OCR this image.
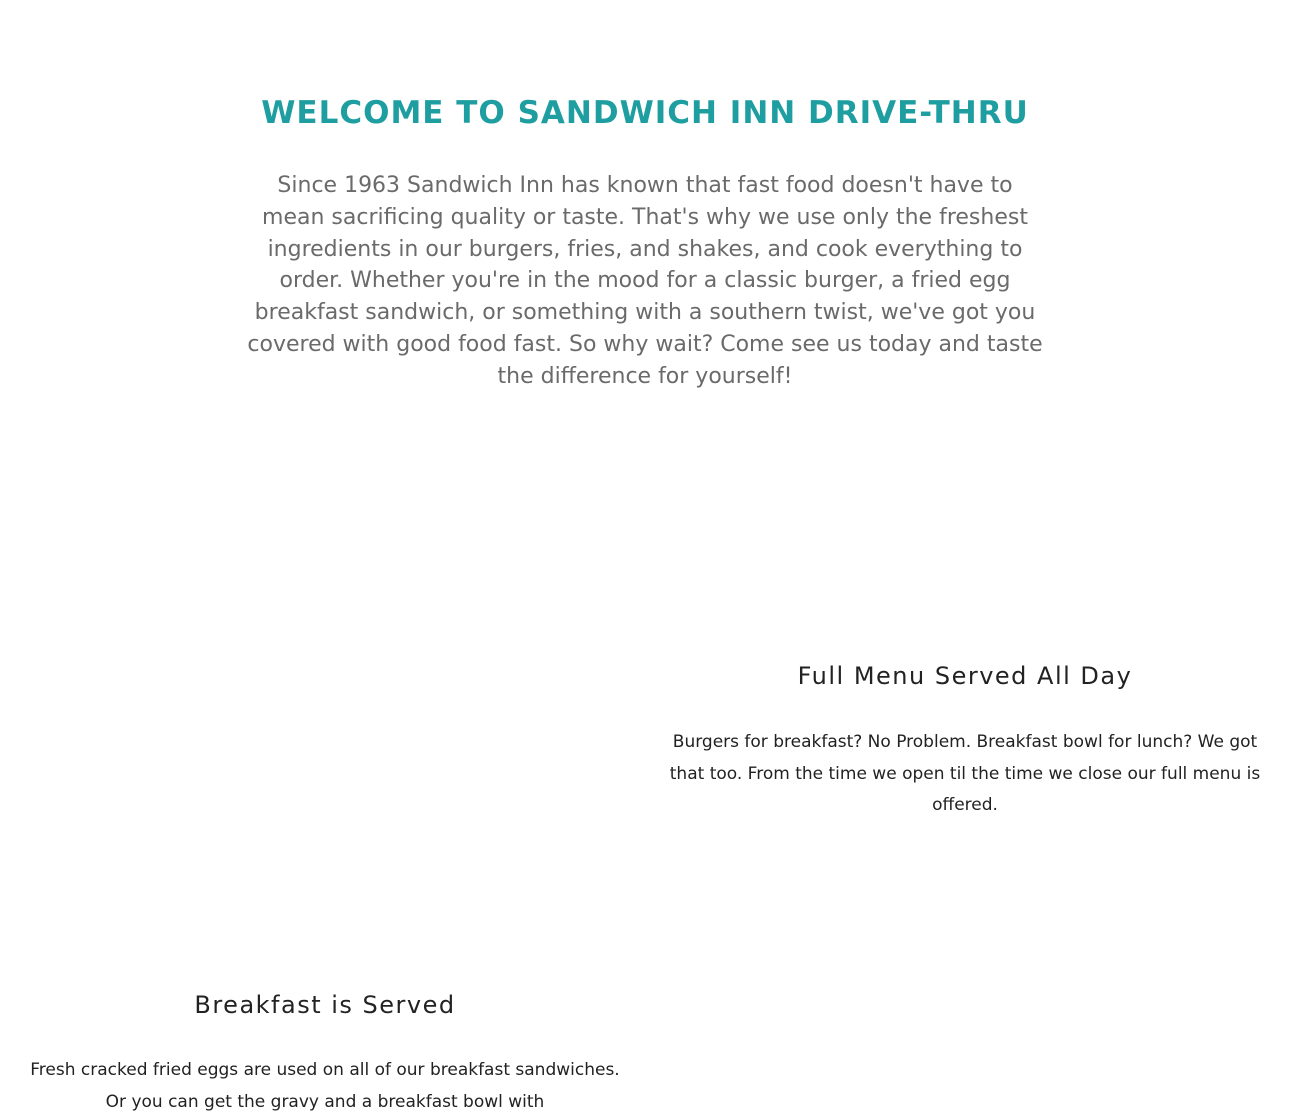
WELCOME TO SANDWICH INN DRIVE-THRU

Since 1963 Sandwich Inn has known that fast food doesn't have to mean sacrificing quality or taste. That's why we use only the freshest ingredients in our burgers, fries, and shakes, and cook everything to order. Whether you're in the mood for a classic burger, a fried egg breakfast sandwich, or something with a southern twist, we've got you covered with good food fast. So why wait? Come see us today and taste the difference for yourself!

Full Menu Served All Day

Burgers for breakfast? No Problem. Breakfast bowl for lunch? We got that too. From the time we open til the time we close our full menu is offered.

Breakfast is Served

Fresh cracked fried eggs are used on all of our breakfast sandwiches. Or you can get the gravy and a breakfast bowl with
